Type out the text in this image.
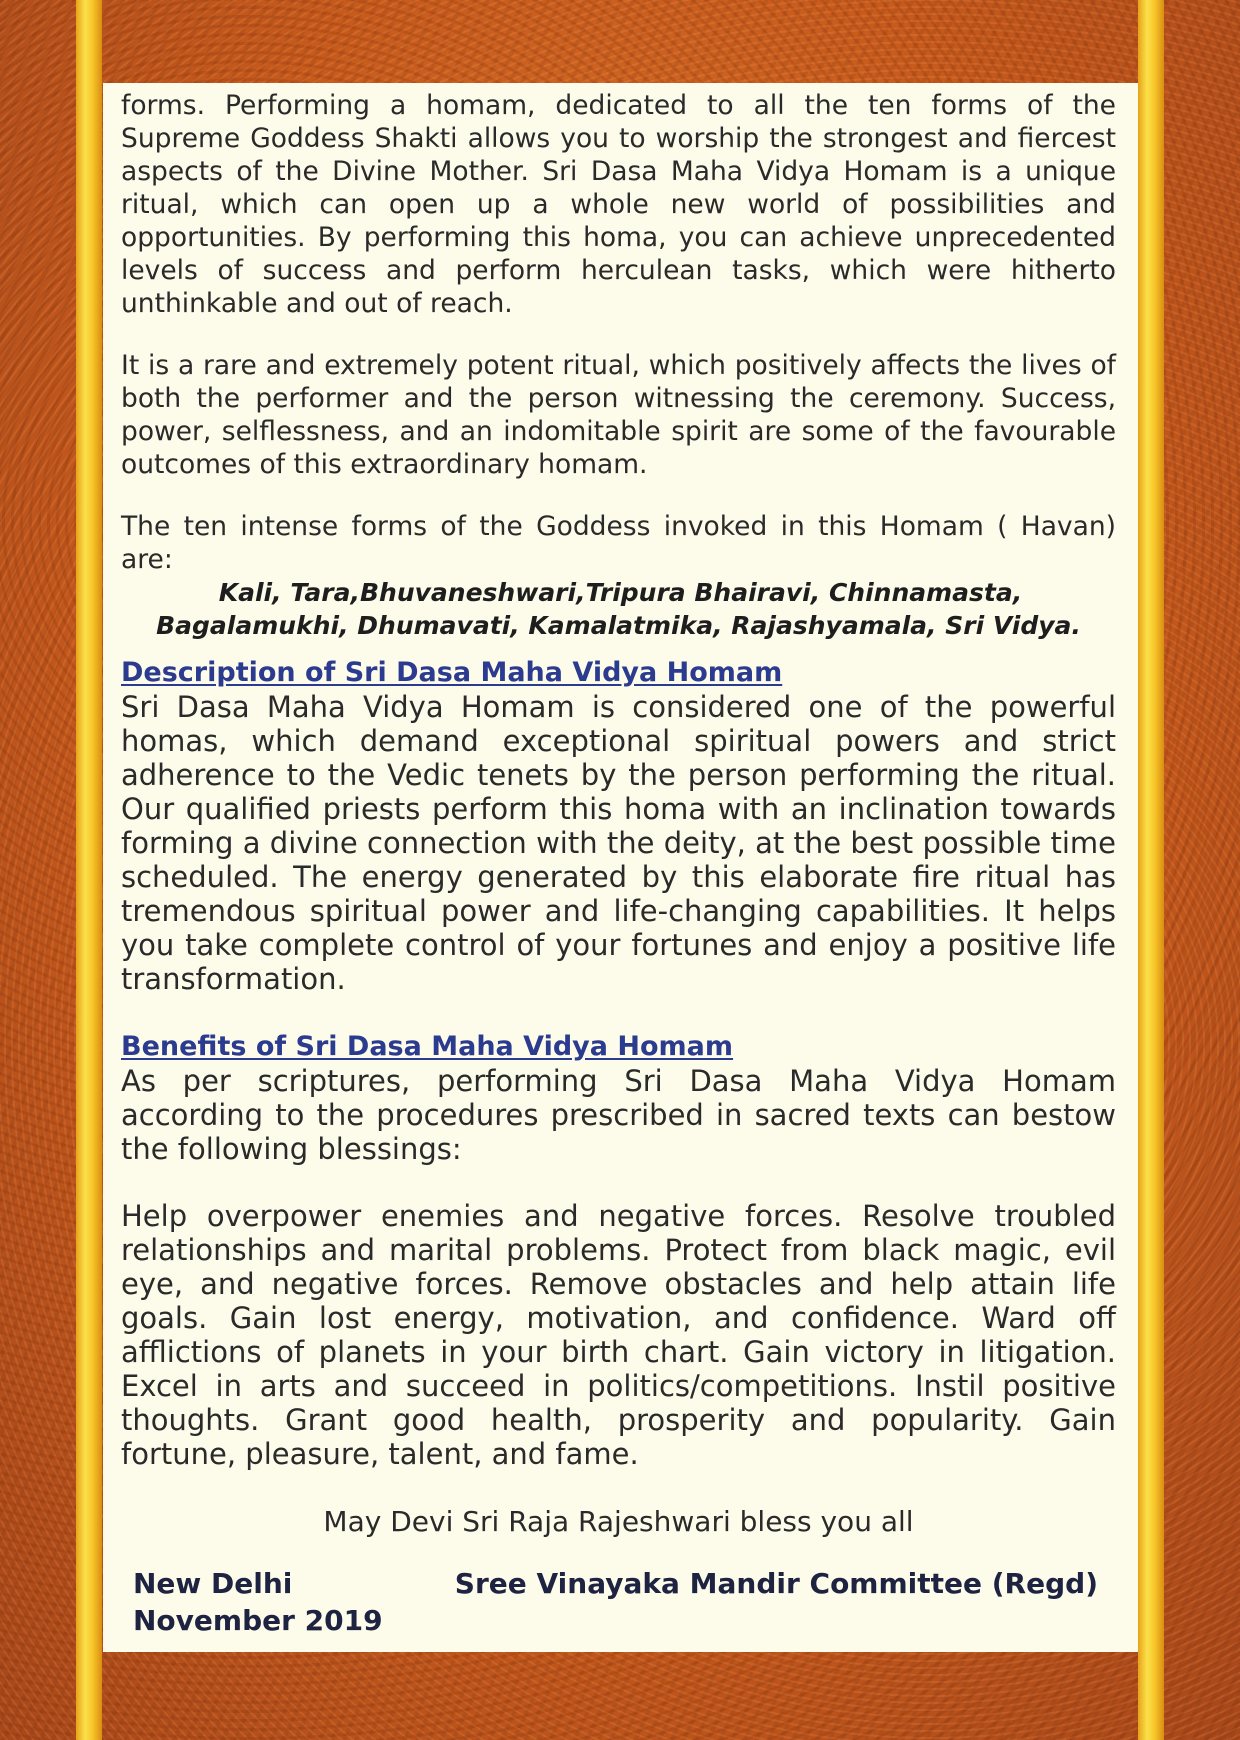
forms. Performing a homam, dedicated to all the ten forms of the Supreme Goddess Shakti allows you to worship the strongest and fiercest aspects of the Divine Mother. Sri Dasa Maha Vidya Homam is a unique ritual, which can open up a whole new world of possibilities and opportunities. By performing this homa, you can achieve unprecedented levels of success and perform herculean tasks, which were hitherto unthinkable and out of reach.

It is a rare and extremely potent ritual, which positively affects the lives of both the performer and the person witnessing the ceremony. Success, power, selflessness, and an indomitable spirit are some of the favourable outcomes of this extraordinary homam.

The ten intense forms of the Goddess invoked in this Homam ( Havan) are:

Kali, Tara,Bhuvaneshwari,Tripura Bhairavi, Chinnamasta,
Bagalamukhi, Dhumavati, Kamalatmika, Rajashyamala, Sri Vidya.
Description of Sri Dasa Maha Vidya Homam

Sri Dasa Maha Vidya Homam is considered one of the powerful homas, which demand exceptional spiritual powers and strict adherence to the Vedic tenets by the person performing the ritual. Our qualified priests perform this homa with an inclination towards forming a divine connection with the deity, at the best possible time scheduled. The energy generated by this elaborate fire ritual has tremendous spiritual power and life-changing capabilities. It helps you take complete control of your fortunes and enjoy a positive life transformation.

Benefits of Sri Dasa Maha Vidya Homam

As per scriptures, performing Sri Dasa Maha Vidya Homam according to the procedures prescribed in sacred texts can bestow the following blessings:

Help overpower enemies and negative forces. Resolve troubled relationships and marital problems. Protect from black magic, evil eye, and negative forces. Remove obstacles and help attain life goals. Gain lost energy, motivation, and confidence. Ward off afflictions of planets in your birth chart. Gain victory in litigation. Excel in arts and succeed in politics/competitions. Instil positive thoughts. Grant good health, prosperity and popularity. Gain fortune, pleasure, talent, and fame.

May Devi Sri Raja Rajeshwari bless you all

New Delhi
November 2019
Sree Vinayaka Mandir Committee (Regd)
